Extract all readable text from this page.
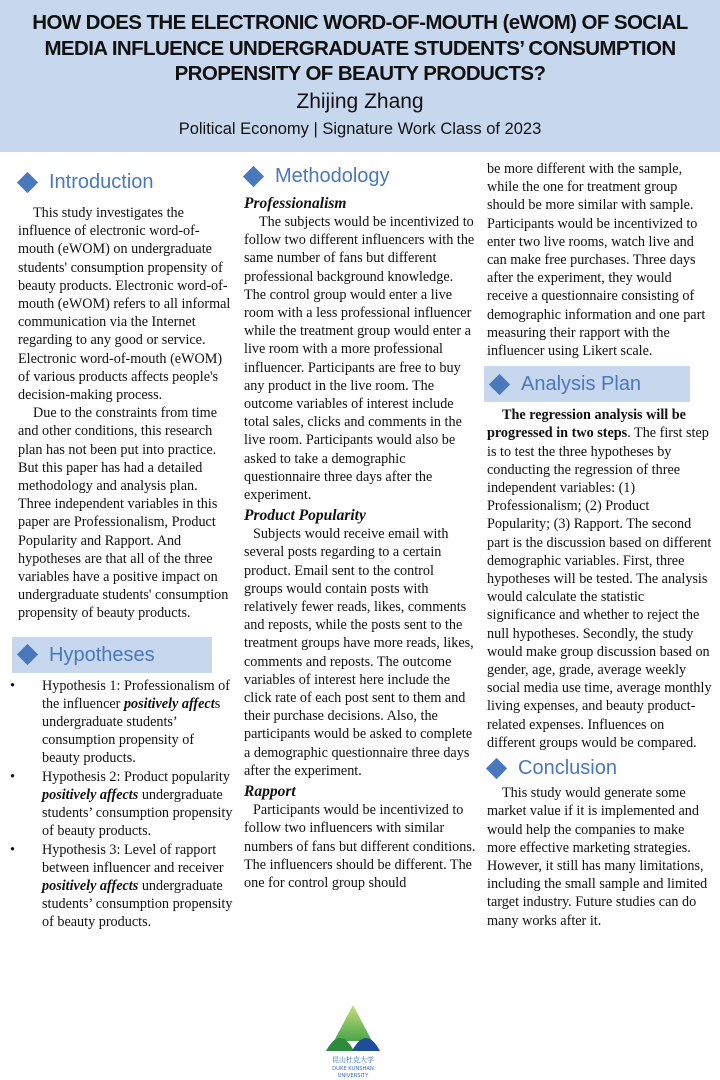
HOW DOES THE ELECTRONIC WORD-OF-MOUTH (eWOM) OF SOCIAL
MEDIA INFLUENCE UNDERGRADUATE STUDENTS’ CONSUMPTION
PROPENSITY OF BEAUTY PRODUCTS?
Zhijing Zhang
Political Economy | Signature Work Class of 2023
Introduction

This study investigates the influence of electronic word-of-mouth (eWOM) on undergraduate students' consumption propensity of beauty products. Electronic word-of-mouth (eWOM) refers to all informal communication via the Internet regarding to any good or service. Electronic word-of-mouth (eWOM) of various products affects people's decision-making process.

Due to the constraints from time and other conditions, this research plan has not been put into practice. But this paper has had a detailed methodology and analysis plan. Three independent variables in this paper are Professionalism, Product Popularity and Rapport. And hypotheses are that all of the three variables have a positive impact on undergraduate students' consumption propensity of beauty products.

Hypotheses
• Hypothesis 1: Professionalism of the influencer positively affects undergraduate students’ consumption propensity of beauty products.
• Hypothesis 2: Product popularity positively affects undergraduate students’ consumption propensity of beauty products.
• Hypothesis 3: Level of rapport between influencer and receiver positively affects undergraduate students’ consumption propensity of beauty products.
Methodology

Professionalism

The subjects would be incentivized to follow two different influencers with the same number of fans but different professional background knowledge. The control group would enter a live room with a less professional influencer while the treatment group would enter a live room with a more professional influencer. Participants are free to buy any product in the live room. The outcome variables of interest include total sales, clicks and comments in the live room. Participants would also be asked to take a demographic questionnaire three days after the experiment.

Product Popularity

Subjects would receive email with several posts regarding to a certain product. Email sent to the control groups would contain posts with relatively fewer reads, likes, comments and reposts, while the posts sent to the treatment groups have more reads, likes, comments and reposts. The outcome variables of interest here include the click rate of each post sent to them and their purchase decisions. Also, the participants would be asked to complete a demographic questionnaire three days after the experiment.

Rapport

Participants would be incentivized to follow two influencers with similar numbers of fans but different conditions. The influencers should be different. The one for control group should

昆山杜克大学
DUKE KUNSHAN
UNIVERSITY

be more different with the sample, while the one for treatment group should be more similar with sample. Participants would be incentivized to enter two live rooms, watch live and can make free purchases. Three days after the experiment, they would receive a questionnaire consisting of demographic information and one part measuring their rapport with the influencer using Likert scale.

Analysis Plan

The regression analysis will be progressed in two steps. The first step is to test the three hypotheses by conducting the regression of three independent variables: (1) Professionalism; (2) Product Popularity; (3) Rapport. The second part is the discussion based on different demographic variables. First, three hypotheses will be tested. The analysis would calculate the statistic significance and whether to reject the null hypotheses. Secondly, the study would make group discussion based on gender, age, grade, average weekly social media use time, average monthly living expenses, and beauty product-related expenses. Influences on different groups would be compared.

Conclusion

This study would generate some market value if it is implemented and would help the companies to make more effective marketing strategies. However, it still has many limitations, including the small sample and limited target industry. Future studies can do many works after it.
